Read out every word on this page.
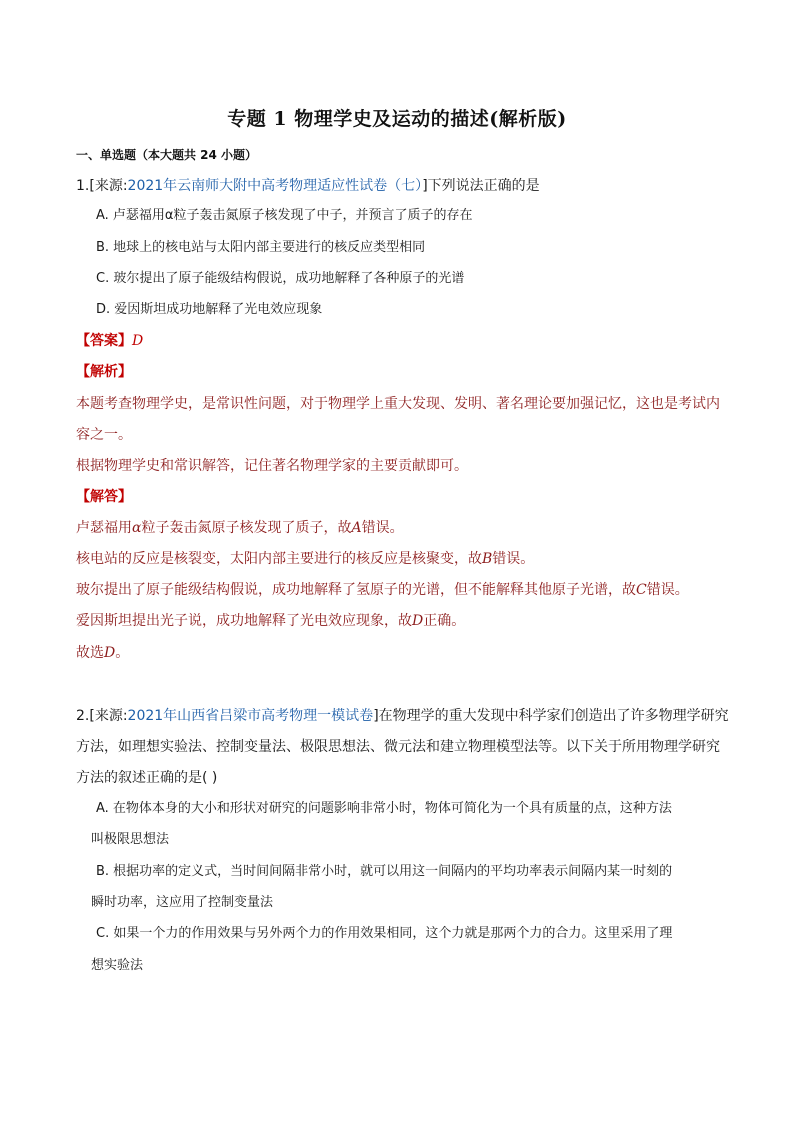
专题 1 物理学史及运动的描述(解析版)
一、单选题（本大题共 24 小题）
1.[来源:2021年云南师大附中高考物理适应性试卷（七）]下列说法正确的是
A. 卢瑟福用α粒子轰击氮原子核发现了中子，并预言了质子的存在
B. 地球上的核电站与太阳内部主要进行的核反应类型相同
C. 玻尔提出了原子能级结构假说，成功地解释了各种原子的光谱
D. 爱因斯坦成功地解释了光电效应现象
【答案】D
【解析】
本题考查物理学史，是常识性问题，对于物理学上重大发现、发明、著名理论要加强记忆，这也是考试内
容之一。
根据物理学史和常识解答，记住著名物理学家的主要贡献即可。
【解答】
卢瑟福用α粒子轰击氮原子核发现了质子，故A错误。
核电站的反应是核裂变，太阳内部主要进行的核反应是核聚变，故B错误。
玻尔提出了原子能级结构假说，成功地解释了氢原子的光谱，但不能解释其他原子光谱，故C错误。
爱因斯坦提出光子说，成功地解释了光电效应现象，故D正确。
故选D。
2.[来源:2021年山西省吕梁市高考物理一模试卷]在物理学的重大发现中科学家们创造出了许多物理学研究
方法，如理想实验法、控制变量法、极限思想法、微元法和建立物理模型法等。以下关于所用物理学研究
方法的叙述正确的是( )
A. 在物体本身的大小和形状对研究的问题影响非常小时，物体可简化为一个具有质量的点，这种方法
叫极限思想法
B. 根据功率的定义式，当时间间隔非常小时，就可以用这一间隔内的平均功率表示间隔内某一时刻的
瞬时功率，这应用了控制变量法
C. 如果一个力的作用效果与另外两个力的作用效果相同，这个力就是那两个力的合力。这里采用了理
想实验法
